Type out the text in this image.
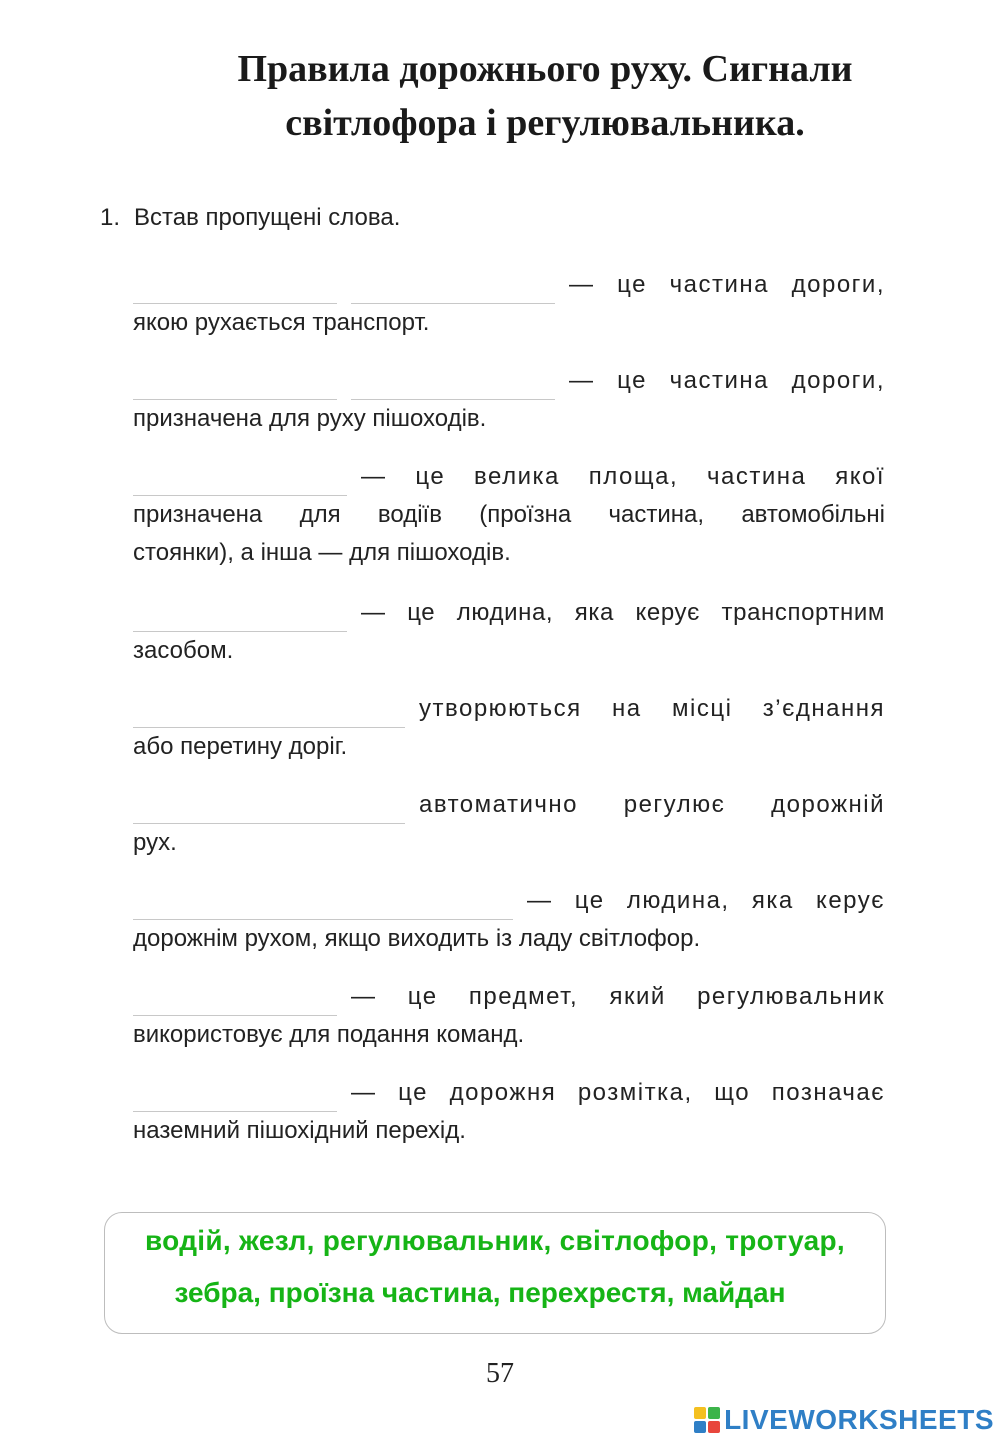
Правила дорожнього руху. Сигнали
світлофора і регулювальника.
1. Встав пропущені слова.
— це частина дороги,
якою рухається транспорт.
— це частина дороги,
призначена для руху пішоходів.
— це велика площа, частина якої
призначена для водіїв (проїзна частина, автомобільні
стоянки), а інша — для пішоходів.
— це людина, яка керує транспортним
засобом.
утворюються на місці з’єднання
або перетину доріг.
автоматично регулює дорожній
рух.
— це людина, яка керує
дорожнім рухом, якщо виходить із ладу світлофор.
— це предмет, який регулювальник
використовує для подання команд.
— це дорожня розмітка, що позначає
наземний пішохідний перехід.
водій, жезл, регулювальник, світлофор, тротуар,
зебра, проїзна частина, перехрестя, майдан
57
LIVEWORKSHEETS
